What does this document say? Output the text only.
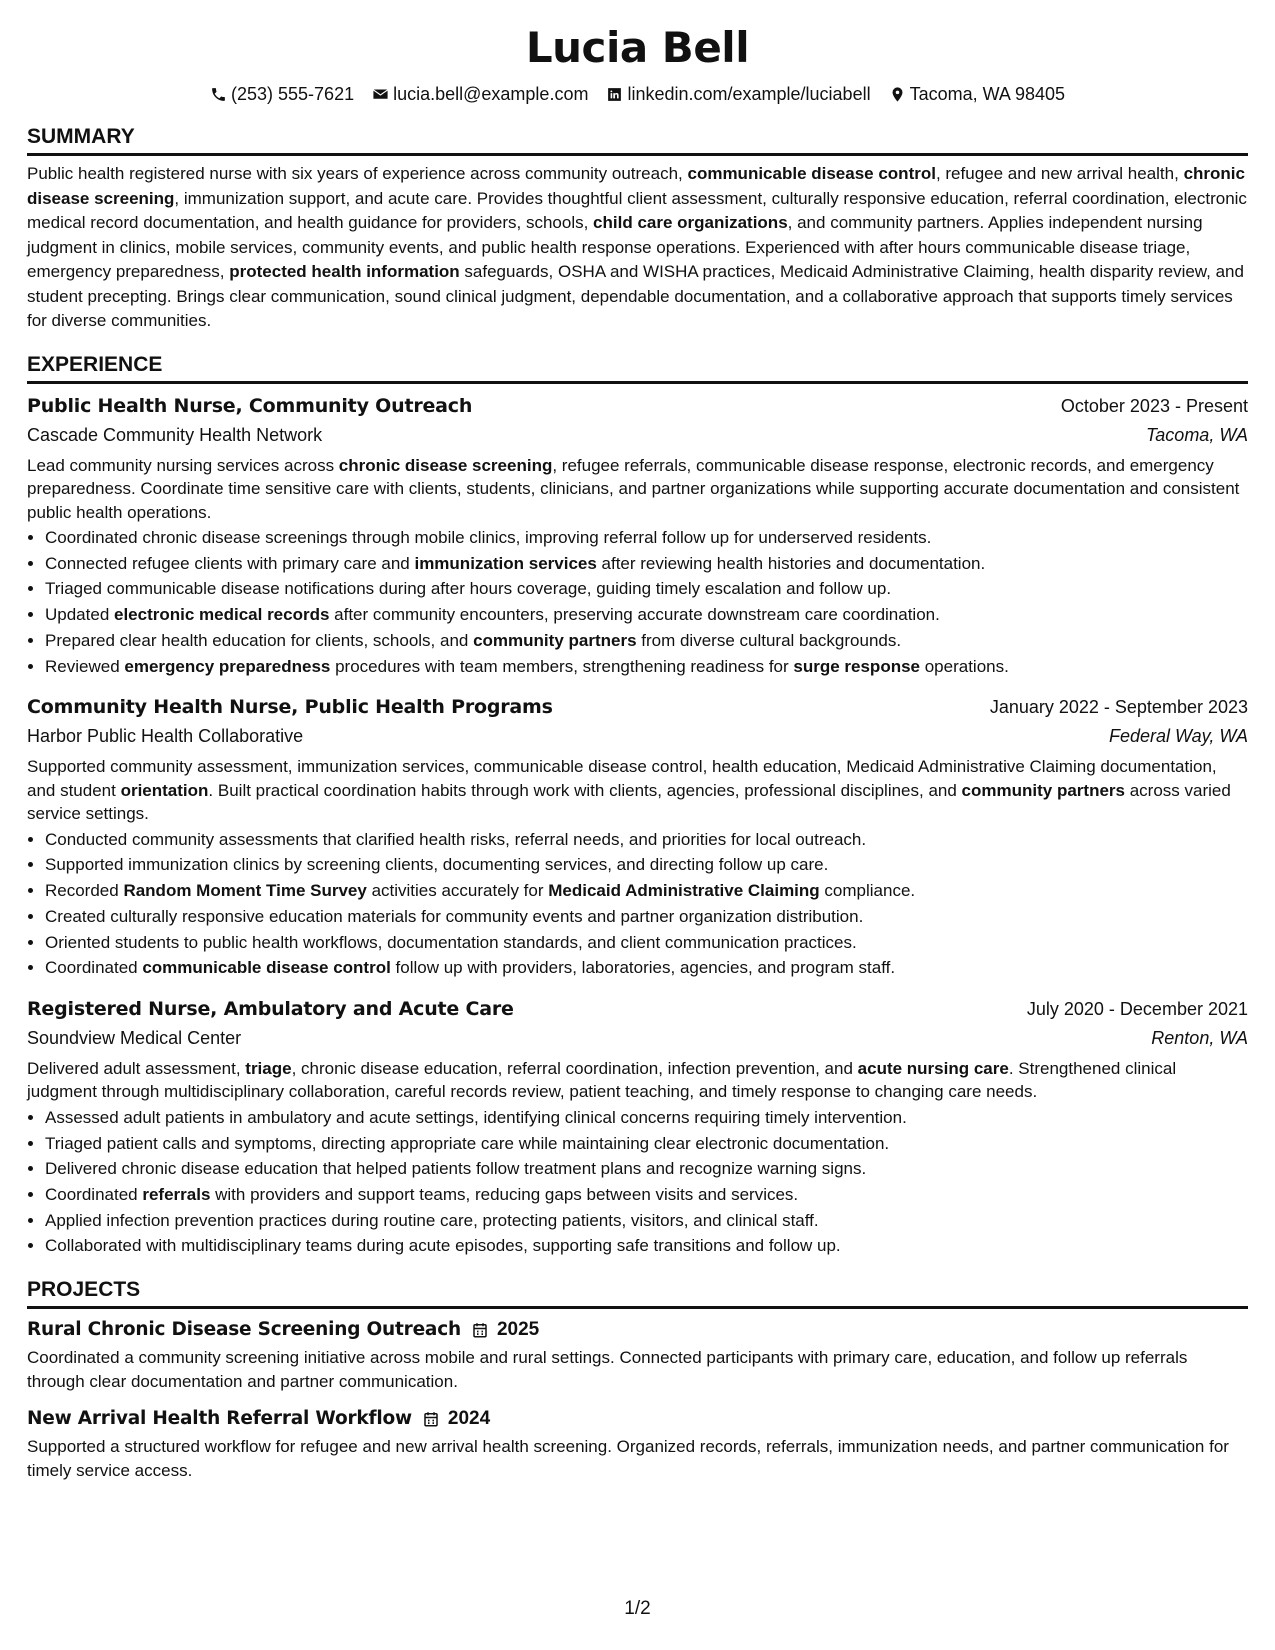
Lucia Bell
(253) 555-7621 lucia.bell@example.com linkedin.com/example/luciabell Tacoma, WA 98405
SUMMARY

Public health registered nurse with six years of experience across community outreach, communicable disease control, refugee and new arrival health, chronic disease screening, immunization support, and acute care. Provides thoughtful client assessment, culturally responsive education, referral coordination, electronic medical record documentation, and health guidance for providers, schools, child care organizations, and community partners. Applies independent nursing judgment in clinics, mobile services, community events, and public health response operations. Experienced with after hours communicable disease triage, emergency preparedness, protected health information safeguards, OSHA and WISHA practices, Medicaid Administrative Claiming, health disparity review, and student precepting. Brings clear communication, sound clinical judgment, dependable documentation, and a collaborative approach that supports timely services for diverse communities.

EXPERIENCE
Public Health Nurse, Community Outreach	October 2023 - Present
Cascade Community Health Network	Tacoma, WA

Lead community nursing services across chronic disease screening, refugee referrals, communicable disease response, electronic records, and emergency preparedness. Coordinate time sensitive care with clients, students, clinicians, and partner organizations while supporting accurate documentation and consistent public health operations.

• Coordinated chronic disease screenings through mobile clinics, improving referral follow up for underserved residents.
• Connected refugee clients with primary care and immunization services after reviewing health histories and documentation.
• Triaged communicable disease notifications during after hours coverage, guiding timely escalation and follow up.
• Updated electronic medical records after community encounters, preserving accurate downstream care coordination.
• Prepared clear health education for clients, schools, and community partners from diverse cultural backgrounds.
• Reviewed emergency preparedness procedures with team members, strengthening readiness for surge response operations.
Community Health Nurse, Public Health Programs	January 2022 - September 2023
Harbor Public Health Collaborative	Federal Way, WA

Supported community assessment, immunization services, communicable disease control, health education, Medicaid Administrative Claiming documentation, and student orientation. Built practical coordination habits through work with clients, agencies, professional disciplines, and community partners across varied service settings.

• Conducted community assessments that clarified health risks, referral needs, and priorities for local outreach.
• Supported immunization clinics by screening clients, documenting services, and directing follow up care.
• Recorded Random Moment Time Survey activities accurately for Medicaid Administrative Claiming compliance.
• Created culturally responsive education materials for community events and partner organization distribution.
• Oriented students to public health workflows, documentation standards, and client communication practices.
• Coordinated communicable disease control follow up with providers, laboratories, agencies, and program staff.
Registered Nurse, Ambulatory and Acute Care	July 2020 - December 2021
Soundview Medical Center	Renton, WA

Delivered adult assessment, triage, chronic disease education, referral coordination, infection prevention, and acute nursing care. Strengthened clinical judgment through multidisciplinary collaboration, careful records review, patient teaching, and timely response to changing care needs.

• Assessed adult patients in ambulatory and acute settings, identifying clinical concerns requiring timely intervention.
• Triaged patient calls and symptoms, directing appropriate care while maintaining clear electronic documentation.
• Delivered chronic disease education that helped patients follow treatment plans and recognize warning signs.
• Coordinated referrals with providers and support teams, reducing gaps between visits and services.
• Applied infection prevention practices during routine care, protecting patients, visitors, and clinical staff.
• Collaborated with multidisciplinary teams during acute episodes, supporting safe transitions and follow up.
PROJECTS
Rural Chronic Disease Screening Outreach 2025

Coordinated a community screening initiative across mobile and rural settings. Connected participants with primary care, education, and follow up referrals through clear documentation and partner communication.

New Arrival Health Referral Workflow 2024

Supported a structured workflow for refugee and new arrival health screening. Organized records, referrals, immunization needs, and partner communication for timely service access.

1/2
